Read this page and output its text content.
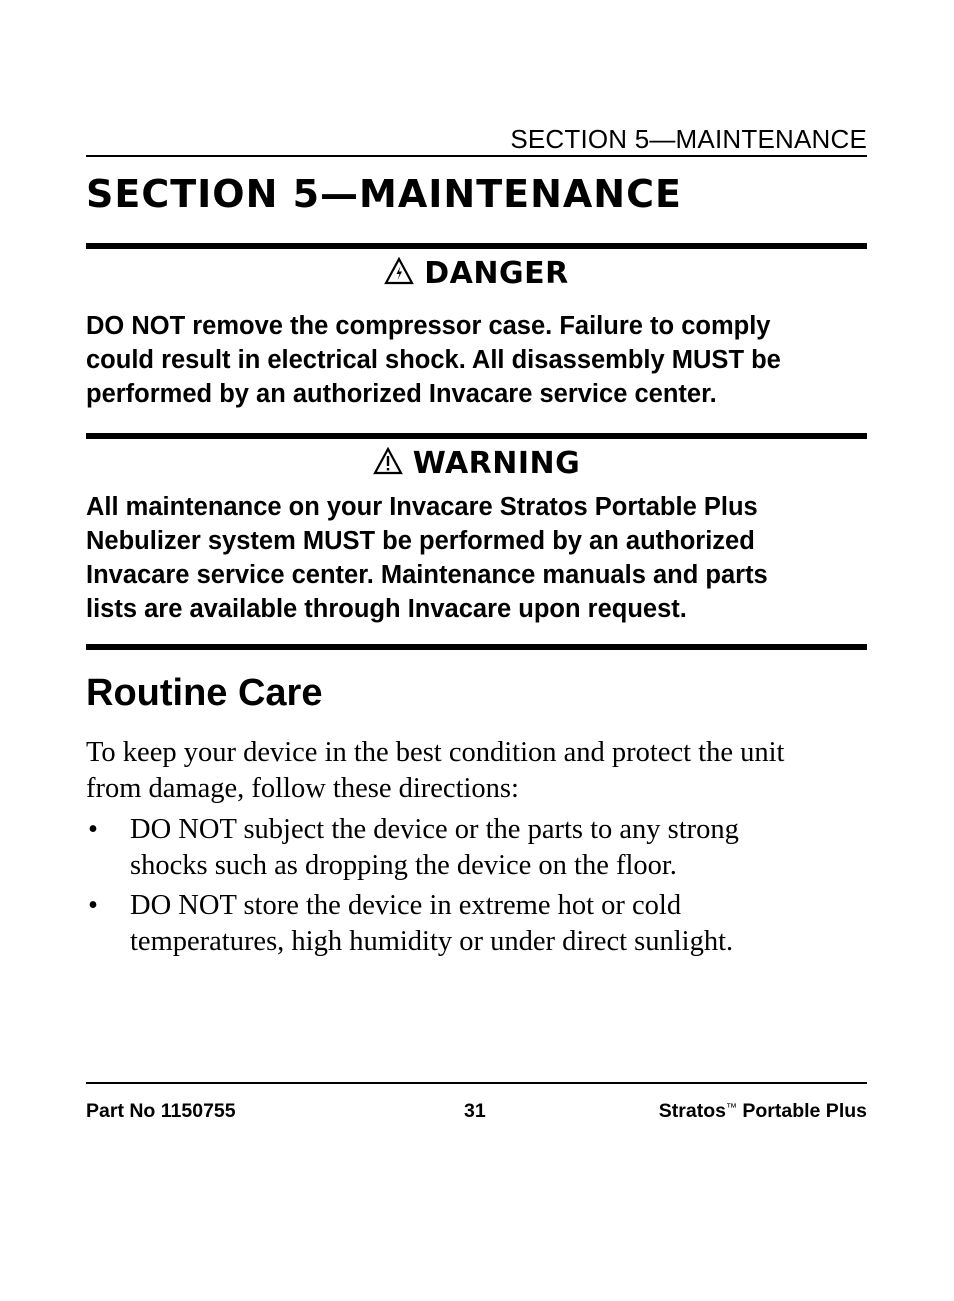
SECTION 5—MAINTENANCE
SECTION 5—MAINTENANCE
DANGER
DO NOT remove the compressor case. Failure to comply
could result in electrical shock. All disassembly MUST be
performed by an authorized Invacare service center.
WARNING
All maintenance on your Invacare Stratos Portable Plus
Nebulizer system MUST be performed by an authorized
Invacare service center. Maintenance manuals and parts
lists are available through Invacare upon request.
Routine Care
To keep your device in the best condition and protect the unit
from damage, follow these directions:
• DO NOT subject the device or the parts to any strong
shocks such as dropping the device on the floor.
• DO NOT store the device in extreme hot or cold
temperatures, high humidity or under direct sunlight.
Part No 1150755	31	Stratos™ Portable Plus
